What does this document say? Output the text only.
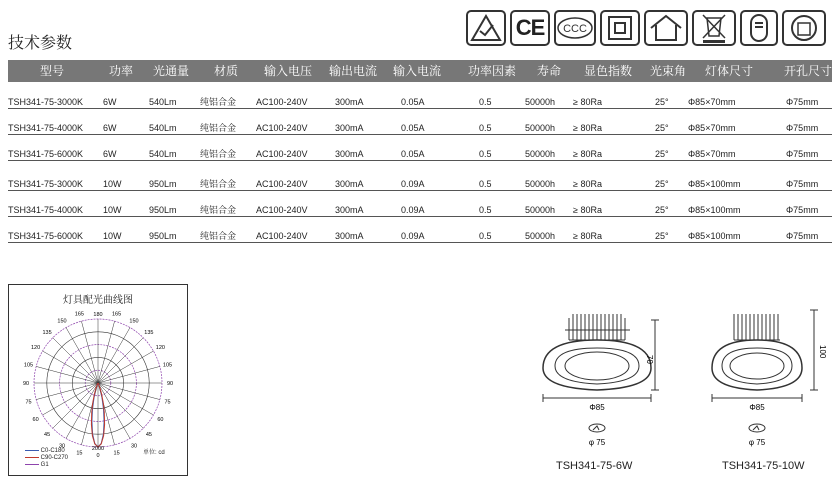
技术参数
CE	CCC
型号	功率	光通量	材质	输入电压	输出电流	输入电流	功率因素	寿命	显色指数	光束角	灯体尺寸	开孔尺寸
TSH341-75-3000K 6W	540Lm	纯铝合金 AC100-240V	300mA	0.05A	0.5	50000h ≥ 80Ra	25° Φ85×70mm	Φ75mm
TSH341-75-4000K 6W	540Lm	纯铝合金 AC100-240V	300mA	0.05A	0.5	50000h ≥ 80Ra	25° Φ85×70mm	Φ75mm
TSH341-75-6000K 6W	540Lm	纯铝合金 AC100-240V	300mA	0.05A	0.5	50000h ≥ 80Ra	25° Φ85×70mm	Φ75mm
TSH341-75-3000K 10W	950Lm	纯铝合金 AC100-240V	300mA	0.09A	0.5	50000h ≥ 80Ra	25° Φ85×100mm	Φ75mm
TSH341-75-4000K 10W	950Lm	纯铝合金 AC100-240V	300mA	0.09A	0.5	50000h ≥ 80Ra	25° Φ85×100mm	Φ75mm
TSH341-75-6000K 10W	950Lm	纯铝合金 AC100-240V	300mA	0.09A	0.5	50000h ≥ 80Ra	25° Φ85×100mm	Φ75mm
灯具配光曲线图
165	165
150	150
135	135
120	120
105	105
90	90
75	75
60	60
45	45
30	30
15	15
180
0
2000
C0-C180
C90-C270
G1
单位: cd
Φ85
70
φ 75
TSH341-75-6W
Φ85
100
φ 75
TSH341-75-10W
